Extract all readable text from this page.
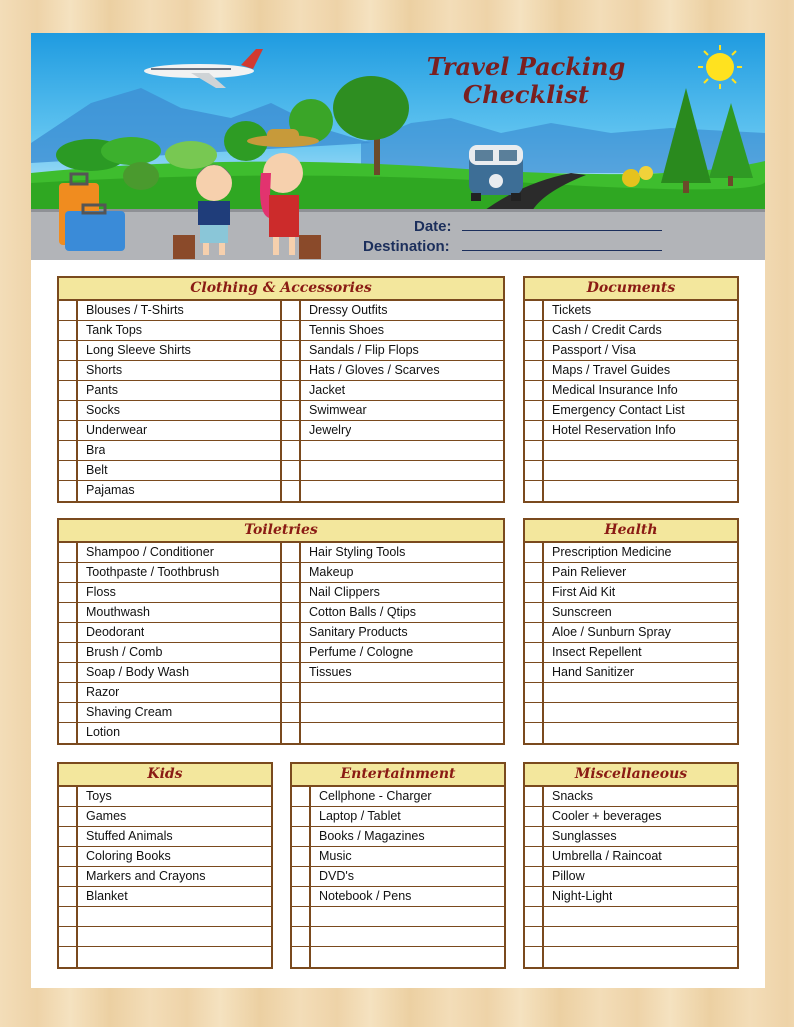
Travel Packing
Checklist
Date:
Destination:
Clothing & Accessories
Blouses / T-Shirts
Tank Tops
Long Sleeve Shirts
Shorts
Pants
Socks
Underwear
Bra
Belt
Pajamas
Dressy Outfits
Tennis Shoes
Sandals / Flip Flops
Hats / Gloves / Scarves
Jacket
Swimwear
Jewelry
Documents
Tickets
Cash / Credit Cards
Passport / Visa
Maps / Travel Guides
Medical Insurance Info
Emergency Contact List
Hotel Reservation Info
Toiletries
Shampoo / Conditioner
Toothpaste / Toothbrush
Floss
Mouthwash
Deodorant
Brush / Comb
Soap / Body Wash
Razor
Shaving Cream
Lotion
Hair Styling Tools
Makeup
Nail Clippers
Cotton Balls / Qtips
Sanitary Products
Perfume / Cologne
Tissues
Health
Prescription Medicine
Pain Reliever
First Aid Kit
Sunscreen
Aloe / Sunburn Spray
Insect Repellent
Hand Sanitizer
Kids
Toys
Games
Stuffed Animals
Coloring Books
Markers and Crayons
Blanket
Entertainment
Cellphone - Charger
Laptop / Tablet
Books / Magazines
Music
DVD's
Notebook / Pens
Miscellaneous
Snacks
Cooler + beverages
Sunglasses
Umbrella / Raincoat
Pillow
Night-Light
